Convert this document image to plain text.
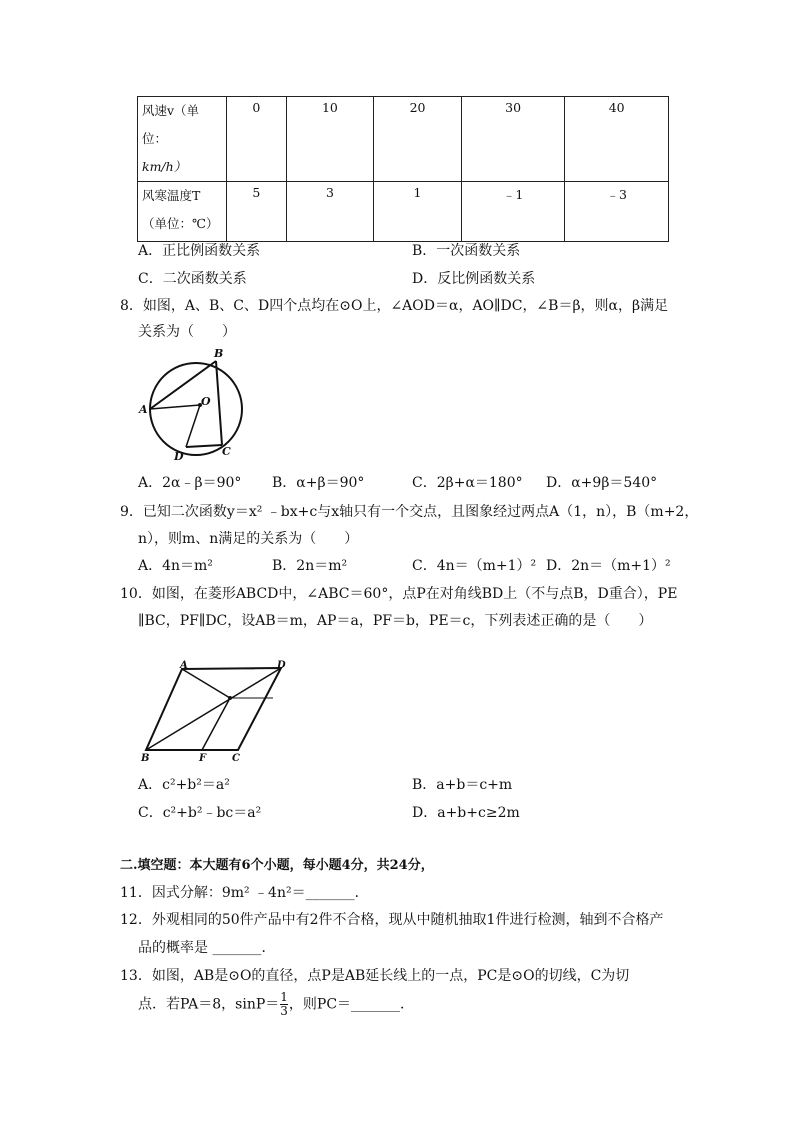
风速v（单位：
km/h）	0	10	20	30	40
风寒温度T
（单位：℃）	5	3	1	﹣1	﹣3
A．正比例函数关系	B．一次函数关系
C．二次函数关系	D．反比例函数关系
8．如图，A、B、C、D四个点均在⊙O上，∠AOD＝α，AO∥DC，∠B＝β，则α，β满足
关系为（　　）
B
A
O
D	C
A．2α﹣β＝90° B．α+β＝90°	C．2β+α＝180° D．α+9β＝540°
9．已知二次函数y＝x² ﹣bx+c与x轴只有一个交点，且图象经过两点A（1，n），B（m+2，
n），则m、n满足的关系为（　　）
A．4n＝m²	B．2n＝m²	C．4n＝（m+1）² D．2n＝（m+1）²
10．如图，在菱形ABCD中，∠ABC＝60°，点P在对角线BD上（不与点B，D重合），PE
∥BC，PF∥DC，设AB＝m，AP＝a，PF＝b，PE＝c，下列表述正确的是（　　）
A	D
B	F	C
A．c²+b²＝a²	B．a+b＝c+m
C．c²+b²﹣bc＝a²	D．a+b+c≥2m
二.填空题：本大题有6个小题，每小题4分，共24分，
11．因式分解：9m² ﹣4n²＝_______．
12．外观相同的50件产品中有2件不合格，现从中随机抽取1件进行检测，轴到不合格产
品的概率是 _______．
13．如图，AB是⊙O的直径，点P是AB延长线上的一点，PC是⊙O的切线，C为切
点．若PA＝8，$\sin P= \frac{1}{3}$ ，则PC＝_______．
